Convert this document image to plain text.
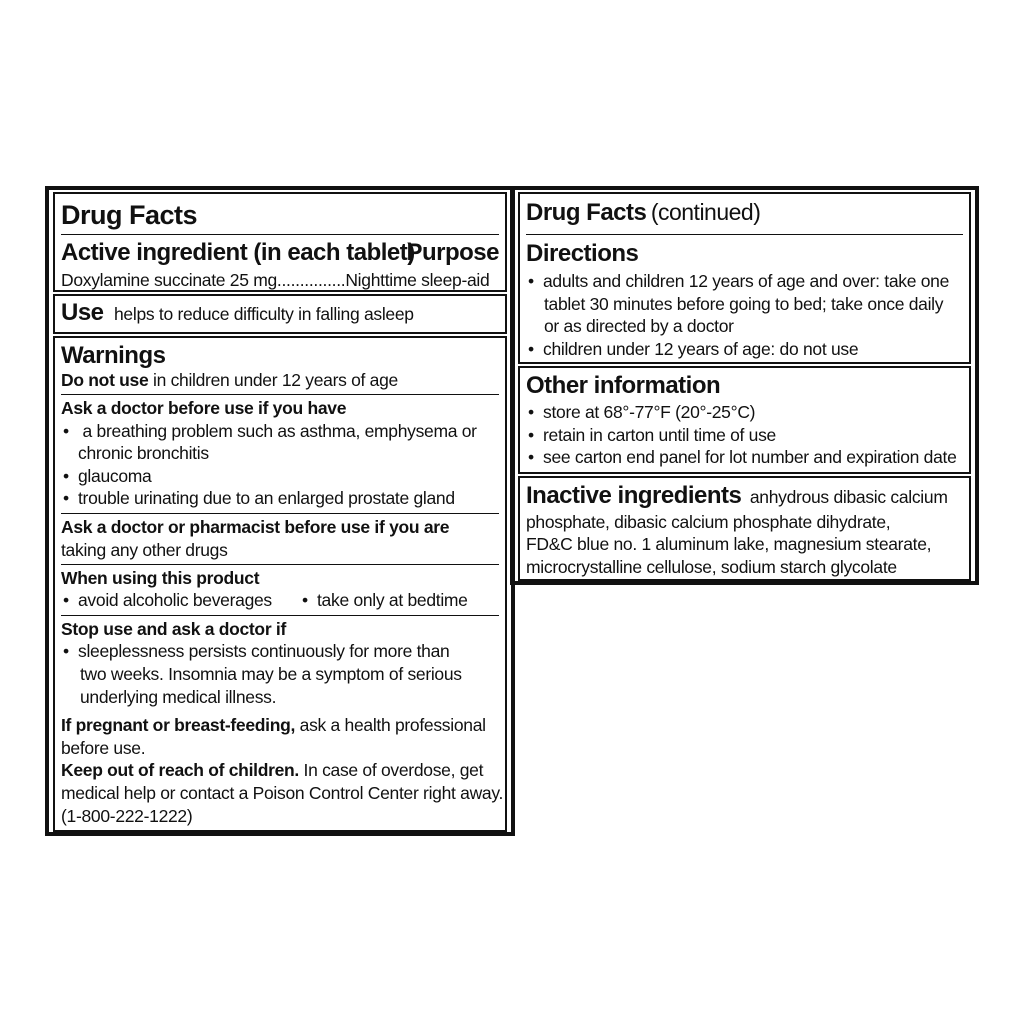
Drug Facts
Active ingredient (in each tablet)
Purpose
Doxylamine succinate 25 mg...............Nighttime sleep-aid
Use helps to reduce difficulty in falling asleep
Warnings
Do not use in children under 12 years of age
Ask a doctor before use if you have
•  a breathing problem such as asthma, emphysema or
chronic bronchitis
• glaucoma
• trouble urinating due to an enlarged prostate gland
Ask a doctor or pharmacist before use if you are
taking any other drugs
When using this product
• avoid alcoholic beverages
•	take only at bedtime
Stop use and ask a doctor if
• sleeplessness persists continuously for more than
two weeks. Insomnia may be a symptom of serious
underlying medical illness.
If pregnant or breast-feeding, ask a health professional
before use.
Keep out of reach of children. In case of overdose, get
medical help or contact a Poison Control Center right away.
(1-800-222-1222)
Drug Facts (continued)
Directions
• adults and children 12 years of age and over: take one
tablet 30 minutes before going to bed; take once daily
or as directed by a doctor
• children under 12 years of age: do not use
Other information
• store at 68°-77°F (20°-25°C)
• retain in carton until time of use
• see carton end panel for lot number and expiration date
Inactive ingredients anhydrous dibasic calcium
phosphate, dibasic calcium phosphate dihydrate,
FD&C blue no. 1 aluminum lake, magnesium stearate,
microcrystalline cellulose, sodium starch glycolate
